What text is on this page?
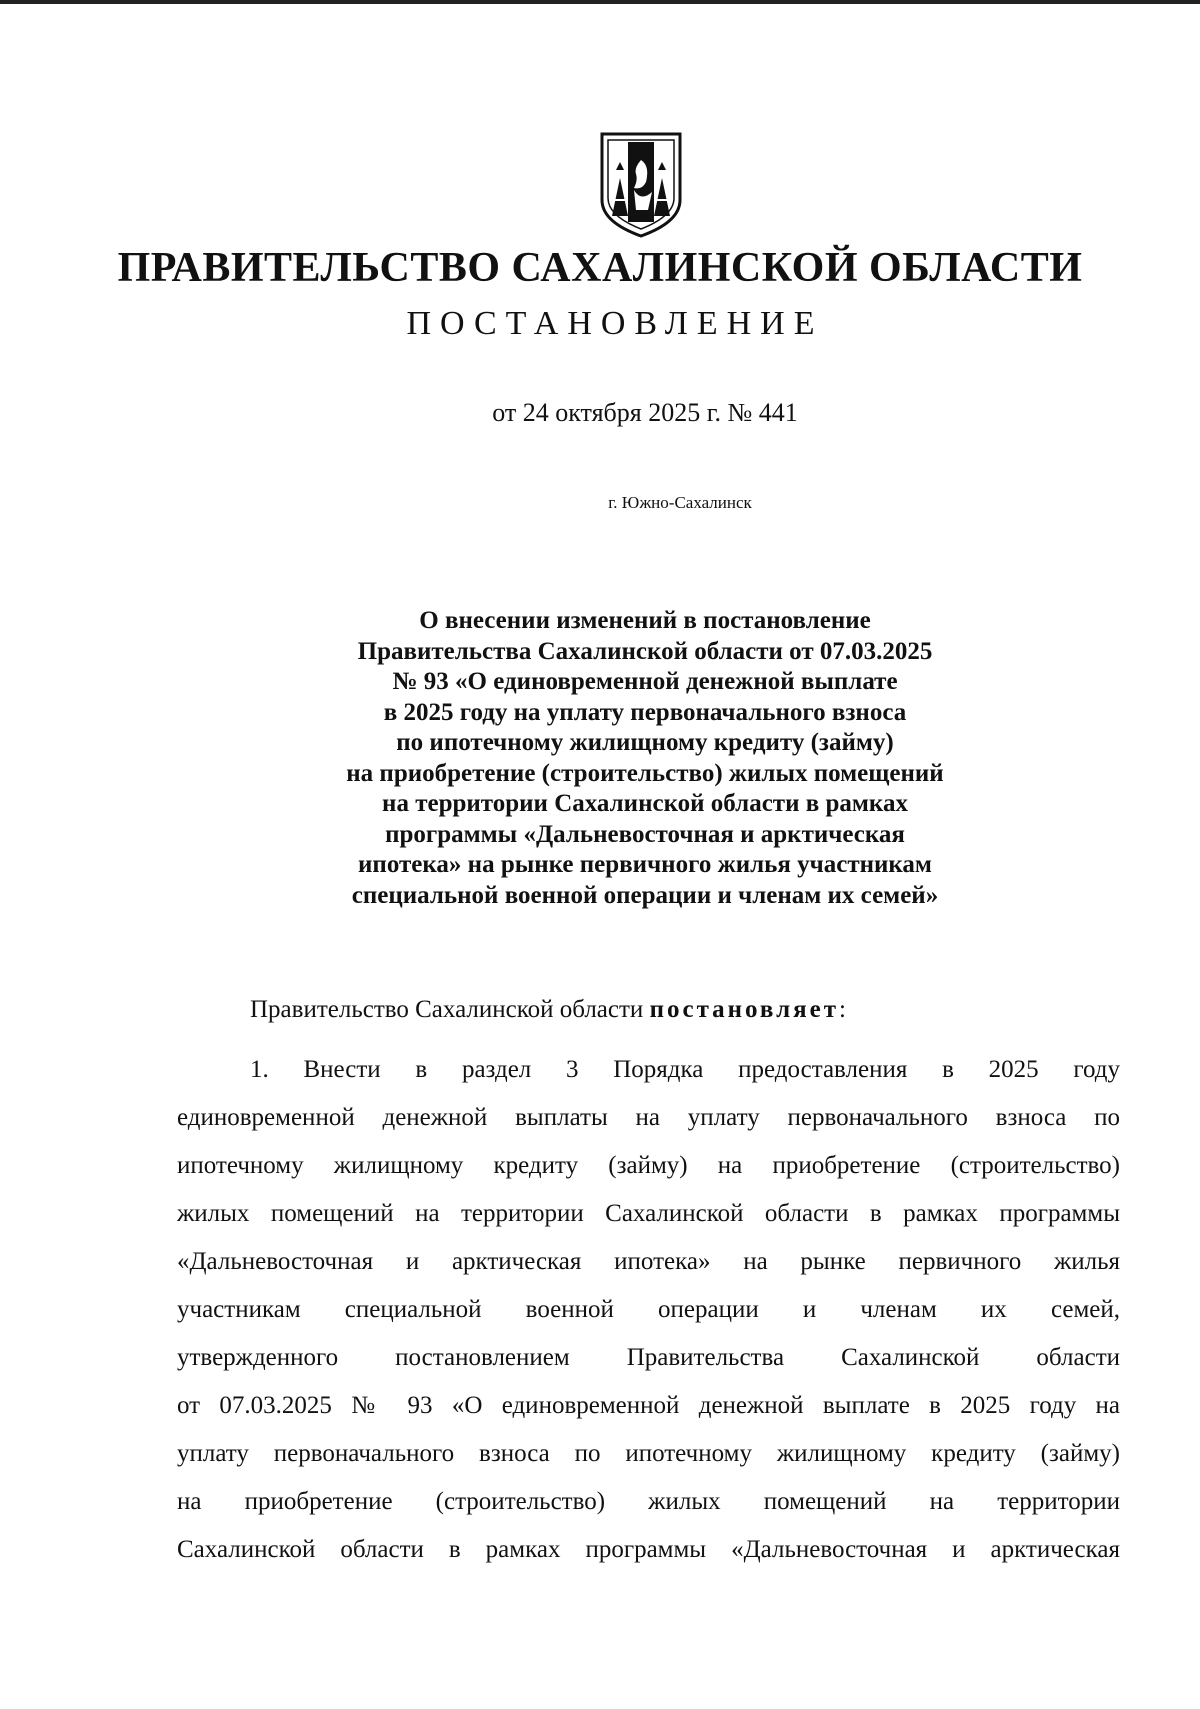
ПРАВИТЕЛЬСТВО САХАЛИНСКОЙ ОБЛАСТИ
ПОСТАНОВЛЕНИЕ
от 24 октября 2025 г. № 441
г. Южно-Сахалинск
О внесении изменений в постановление
Правительства Сахалинской области от 07.03.2025
№ 93 «О единовременной денежной выплате
в 2025 году на уплату первоначального взноса
по ипотечному жилищному кредиту (займу)
на приобретение (строительство) жилых помещений
на территории Сахалинской области в рамках
программы «Дальневосточная и арктическая
ипотека» на рынке первичного жилья участникам
специальной военной операции и членам их семей»

Правительство Сахалинской области постановляет:

1. Внести в раздел 3 Порядка предоставления в 2025 году
единовременной денежной выплаты на уплату первоначального взноса по
ипотечному жилищному кредиту (займу) на приобретение (строительство)
жилых помещений на территории Сахалинской области в рамках программы
«Дальневосточная и арктическая ипотека» на рынке первичного жилья
участникам специальной военной операции и членам их семей,
утвержденного постановлением Правительства Сахалинской области
от 07.03.2025 № 93 «О единовременной денежной выплате в 2025 году на
уплату первоначального взноса по ипотечному жилищному кредиту (займу)
на приобретение (строительство) жилых помещений на территории
Сахалинской области в рамках программы «Дальневосточная и арктическая
